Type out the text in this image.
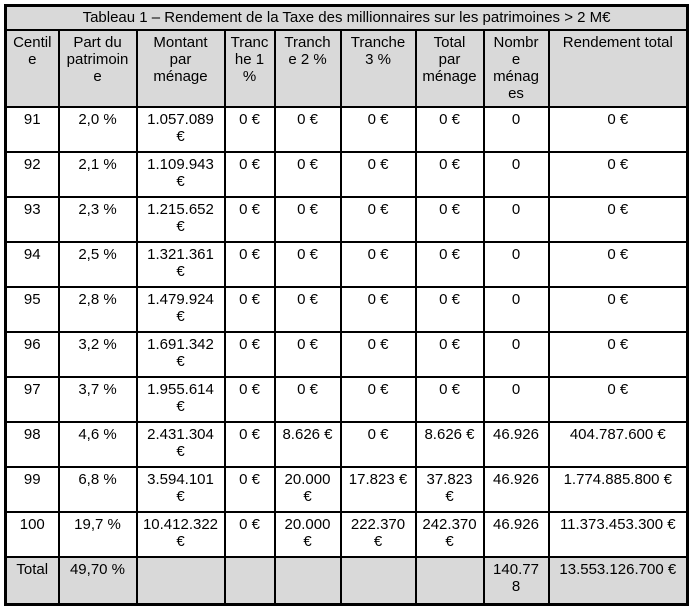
Tableau 1 – Rendement de la Taxe des millionnaires sur les patrimoines > 2 M€								
Centile	Part du patrimoine	Montant par ménage	Tranche 1 %	Tranche 2 %	Tranche 3 %	Total par ménage	Nombre ménages	Rendement total
91	2,0 %	1.057.089 €	0 €	0 €	0 €	0 €	0	0 €
92	2,1 %	1.109.943 €	0 €	0 €	0 €	0 €	0	0 €
93	2,3 %	1.215.652 €	0 €	0 €	0 €	0 €	0	0 €
94	2,5 %	1.321.361 €	0 €	0 €	0 €	0 €	0	0 €
95	2,8 %	1.479.924 €	0 €	0 €	0 €	0 €	0	0 €
96	3,2 %	1.691.342 €	0 €	0 €	0 €	0 €	0	0 €
97	3,7 %	1.955.614 €	0 €	0 €	0 €	0 €	0	0 €
98	4,6 %	2.431.304 €	0 €	8.626 €	0 €	8.626 €	46.926	404.787.600 €
99	6,8 %	3.594.101 €	0 €	20.000 €	17.823 €	37.823 €	46.926	1.774.885.800 €
100	19,7 %	10.412.322 €	0 €	20.000 €	222.370 €	242.370 €	46.926	11.373.453.300 €
Total	49,70 %						140.778	13.553.126.700 €
